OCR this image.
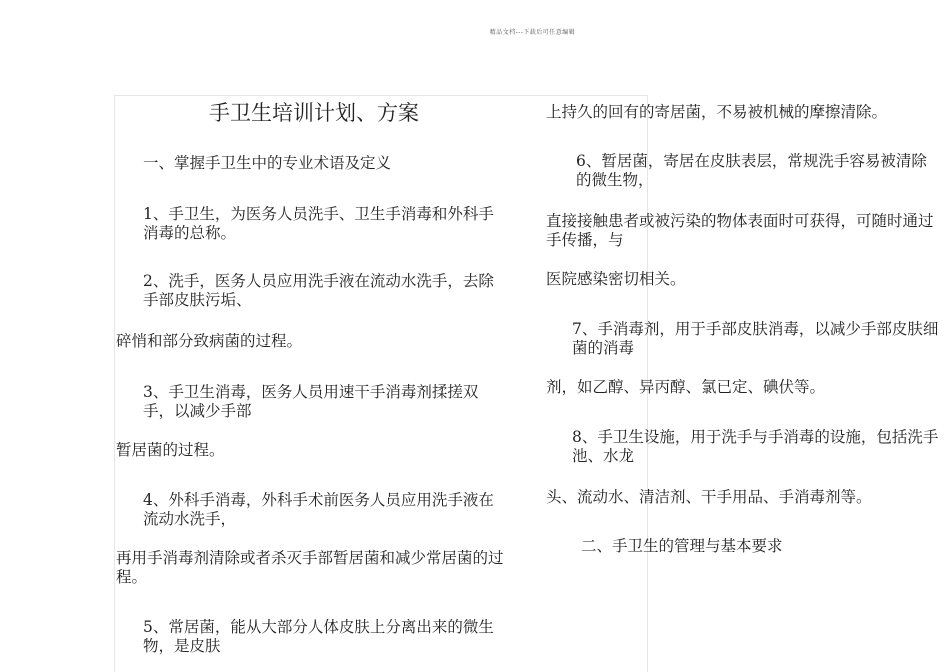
精品文档---下载后可任意编辑
手卫生培训计划、方案
一、掌握手卫生中的专业术语及定义
1、手卫生，为医务人员洗手、卫生手消毒和外科手消毒的总称。
2、洗手，医务人员应用洗手液在流动水洗手，去除手部皮肤污垢、
碎悄和部分致病菌的过程。
3、手卫生消毒，医务人员用速干手消毒剂揉搓双手，以减少手部
暂居菌的过程。
4、外科手消毒，外科手术前医务人员应用洗手液在流动水洗手，
再用手消毒剂清除或者杀灭手部暂居菌和减少常居菌的过程。
5、常居菌，能从大部分人体皮肤上分离出来的微生物，是皮肤
上持久的回有的寄居菌，不易被机械的摩擦清除。
6、暂居菌，寄居在皮肤表层，常规洗手容易被清除的微生物，
直接接触患者或被污染的物体表面时可获得，可随时通过手传播，与
医院感染密切相关。
7、手消毒剂，用于手部皮肤消毒，以减少手部皮肤细菌的消毒
剂，如乙醇、异丙醇、氯已定、碘伏等。
8、手卫生设施，用于洗手与手消毒的设施，包括洗手池、水龙
头、流动水、清洁剂、干手用品、手消毒剂等。
二、手卫生的管理与基本要求
